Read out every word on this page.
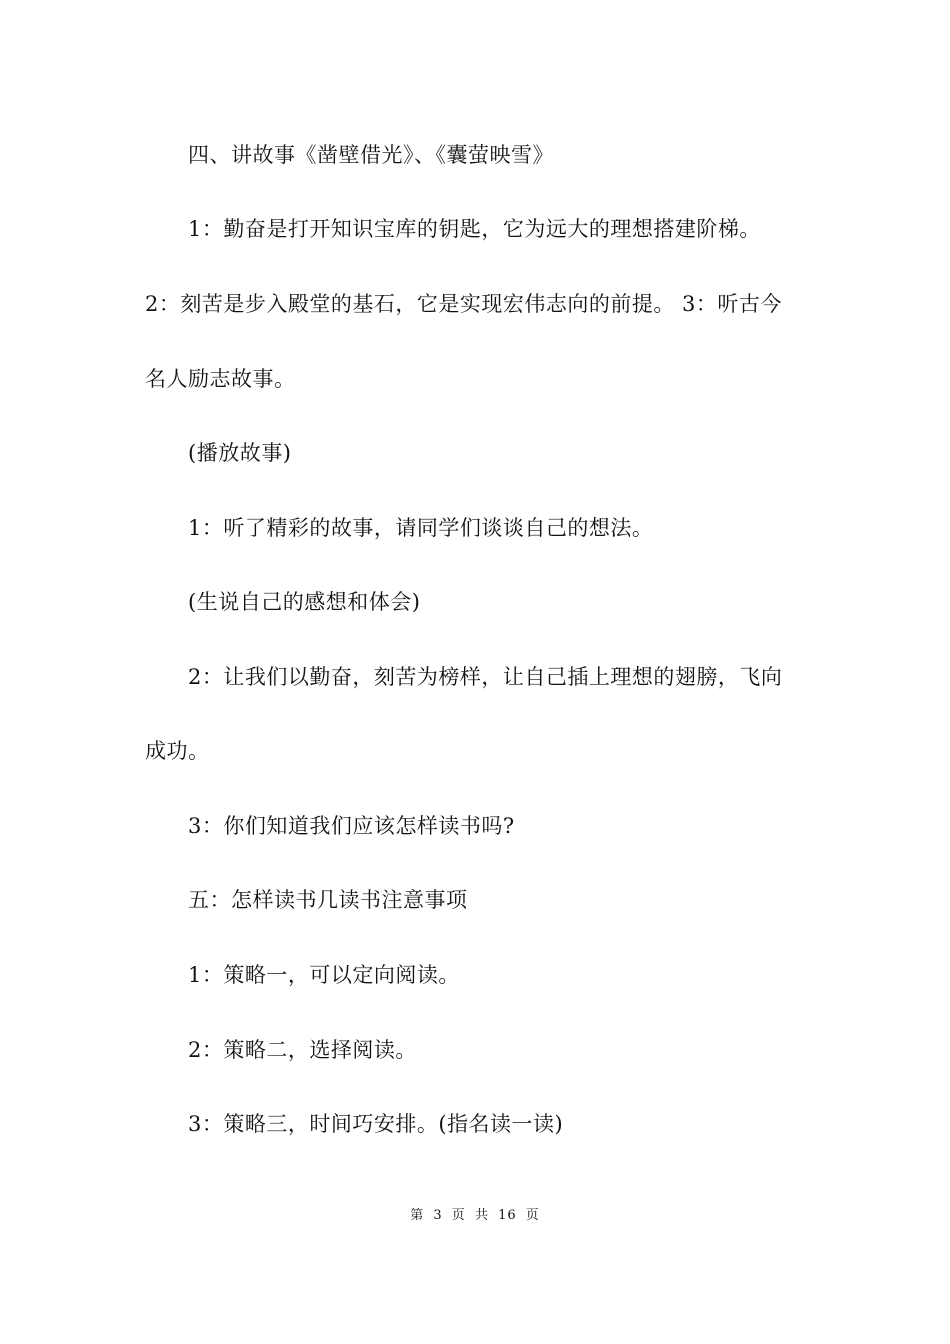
四、讲故事《凿壁借光》、《囊萤映雪》
1：勤奋是打开知识宝库的钥匙，它为远大的理想搭建阶梯。
2：刻苦是步入殿堂的基石，它是实现宏伟志向的前提。 3：听古今
名人励志故事。
(播放故事)
1：听了精彩的故事，请同学们谈谈自己的想法。
(生说自己的感想和体会)
2：让我们以勤奋，刻苦为榜样，让自己插上理想的翅膀，飞向
成功。
3：你们知道我们应该怎样读书吗?
五：怎样读书几读书注意事项
1：策略一，可以定向阅读。
2：策略二，选择阅读。
3：策略三，时间巧安排。(指名读一读)
第 3 页 共 16 页
